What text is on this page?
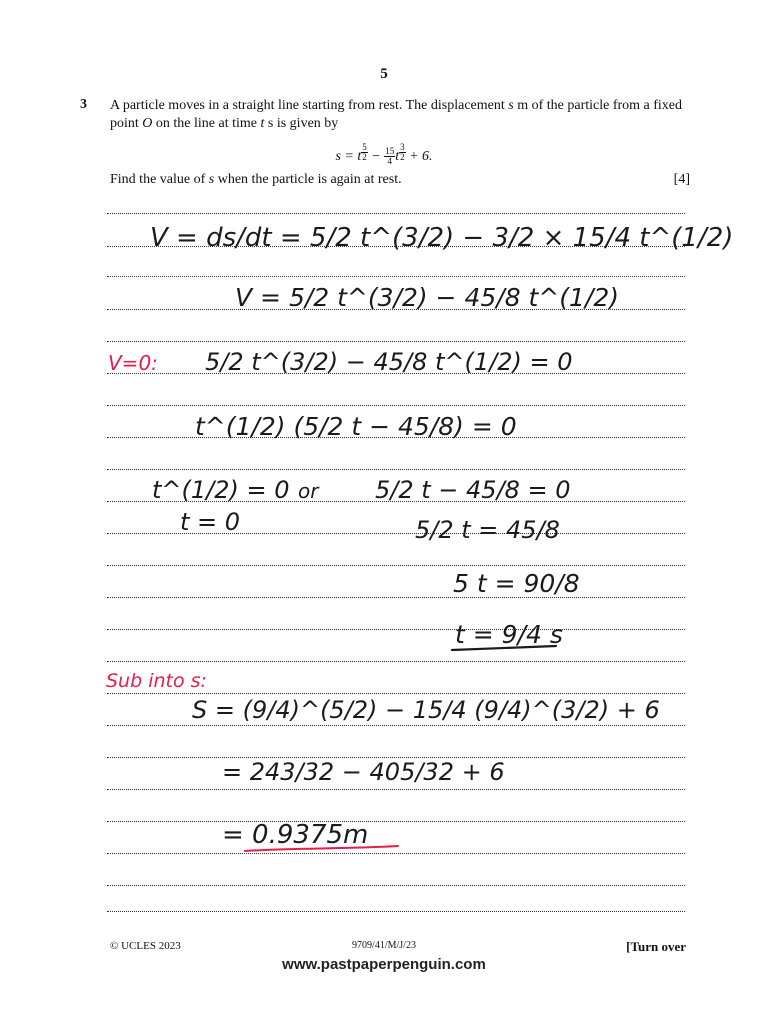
5
3 A particle moves in a straight line starting from rest. The displacement s m of the particle from a fixed point O on the line at time t s is given by
s = t $^{\frac{5}{2}} - \frac{15}{4}$ t $^{\frac{3}{2}}$ + 6.
Find the value of s when the particle is again at rest.	[4]
V = ds/dt = 5/2 t^(3/2) − 3/2 × 15/4 t^(1/2)
V = 5/2 t^(3/2) − 45/8 t^(1/2)
V=0: 5/2 t^(3/2) − 45/8 t^(1/2) = 0
t^(1/2) (5/2 t − 45/8) = 0
t^(1/2) = 0 or 5/2 t − 45/8 = 0
t = 0	5/2 t = 45/8
5 t = 90/8
t = 9/4 s
Sub into s:
S = (9/4)^(5/2) − 15/4 (9/4)^(3/2) + 6
= 243/32 − 405/32 + 6
= 0.9375m
© UCLES 2023	9709/41/M/J/23	[Turn over
www.pastpaperpenguin.com
